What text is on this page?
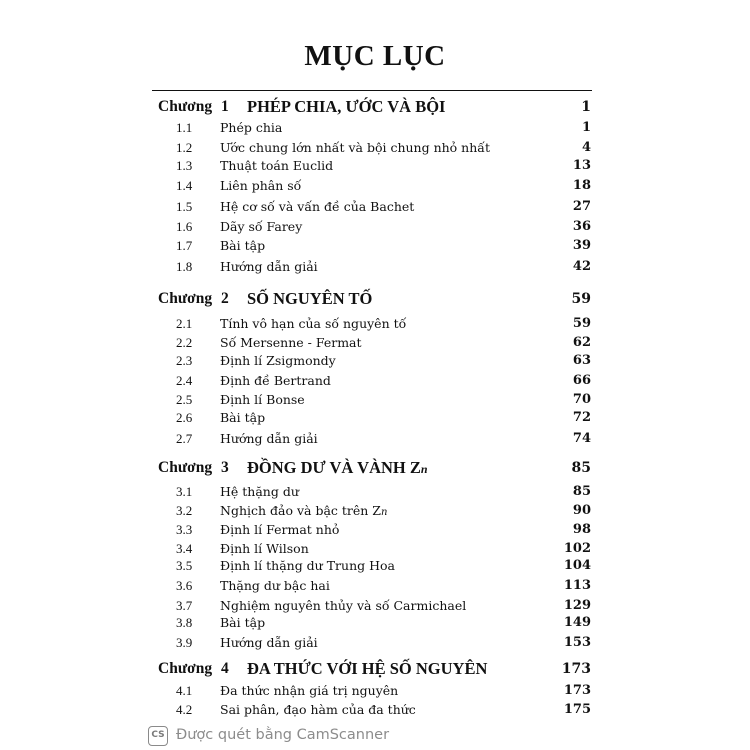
MỤC LỤC
Chương 1 PHÉP CHIA, ƯỚC VÀ BỘI	1
1.1 Phép chia	1
1.2 Ước chung lớn nhất và bội chung nhỏ nhất	4
1.3 Thuật toán Euclid	13
1.4 Liên phân số	18
1.5 Hệ cơ số và vấn đề của Bachet	27
1.6 Dãy số Farey	36
1.7 Bài tập	39
1.8 Hướng dẫn giải	42
Chương 2 SỐ NGUYÊN TỐ	59
2.1 Tính vô hạn của số nguyên tố	59
2.2 Số Mersenne - Fermat	62
2.3 Định lí Zsigmondy	63
2.4 Định đề Bertrand	66
2.5 Định lí Bonse	70
2.6 Bài tập	72
2.7 Hướng dẫn giải	74
Chương 3 ĐỒNG DƯ VÀ VÀNH Zn	85
3.1 Hệ thặng dư	85
3.2 Nghịch đảo và bậc trên Zn	90
3.3 Định lí Fermat nhỏ	98
3.4 Định lí Wilson	102
3.5 Định lí thặng dư Trung Hoa	104
3.6 Thặng dư bậc hai	113
3.7 Nghiệm nguyên thủy và số Carmichael	129
3.8 Bài tập	149
3.9 Hướng dẫn giải	153
Chương 4 ĐA THỨC VỚI HỆ SỐ NGUYÊN	173
4.1 Đa thức nhận giá trị nguyên	173
4.2 Sai phân, đạo hàm của đa thức	175
CS Được quét bằng CamScanner
